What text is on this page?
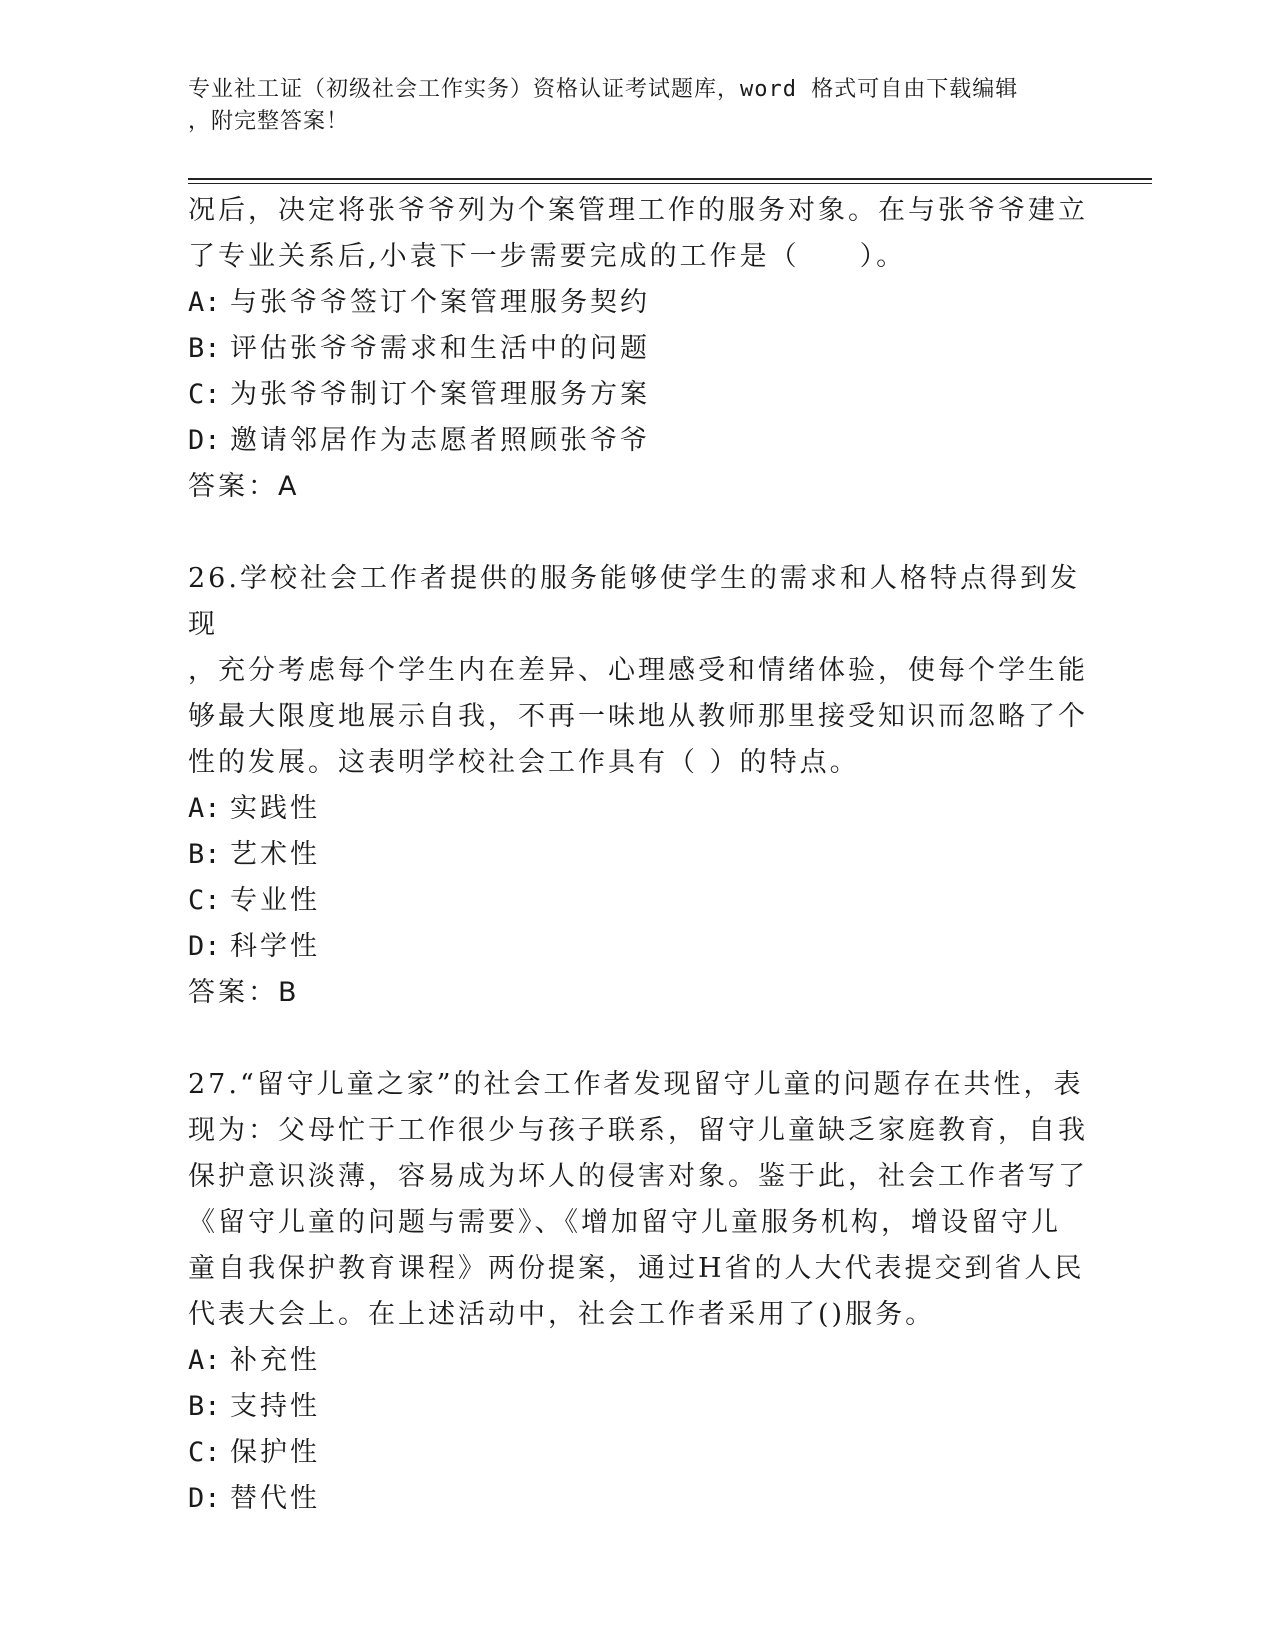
专业社工证（初级社会工作实务）资格认证考试题库，word 格式可自由下载编辑
，附完整答案！

况后，决定将张爷爷列为个案管理工作的服务对象。在与张爷爷建立

了专业关系后,小袁下一步需要完成的工作是（　　）。

A: 与张爷爷签订个案管理服务契约

B: 评估张爷爷需求和生活中的问题

C: 为张爷爷制订个案管理服务方案

D: 邀请邻居作为志愿者照顾张爷爷

答案：A

26.学校社会工作者提供的服务能够使学生的需求和人格特点得到发现

，充分考虑每个学生内在差异、心理感受和情绪体验，使每个学生能

够最大限度地展示自我，不再一味地从教师那里接受知识而忽略了个

性的发展。这表明学校社会工作具有（ ）的特点。

A: 实践性

B: 艺术性

C: 专业性

D: 科学性

答案：B

27.“留守儿童之家”的社会工作者发现留守儿童的问题存在共性，表

现为：父母忙于工作很少与孩子联系，留守儿童缺乏家庭教育，自我

保护意识淡薄，容易成为坏人的侵害对象。鉴于此，社会工作者写了

《留守儿童的问题与需要》、《增加留守儿童服务机构，增设留守儿

童自我保护教育课程》两份提案，通过H省的人大代表提交到省人民

代表大会上。在上述活动中，社会工作者采用了()服务。

A: 补充性

B: 支持性

C: 保护性

D: 替代性
